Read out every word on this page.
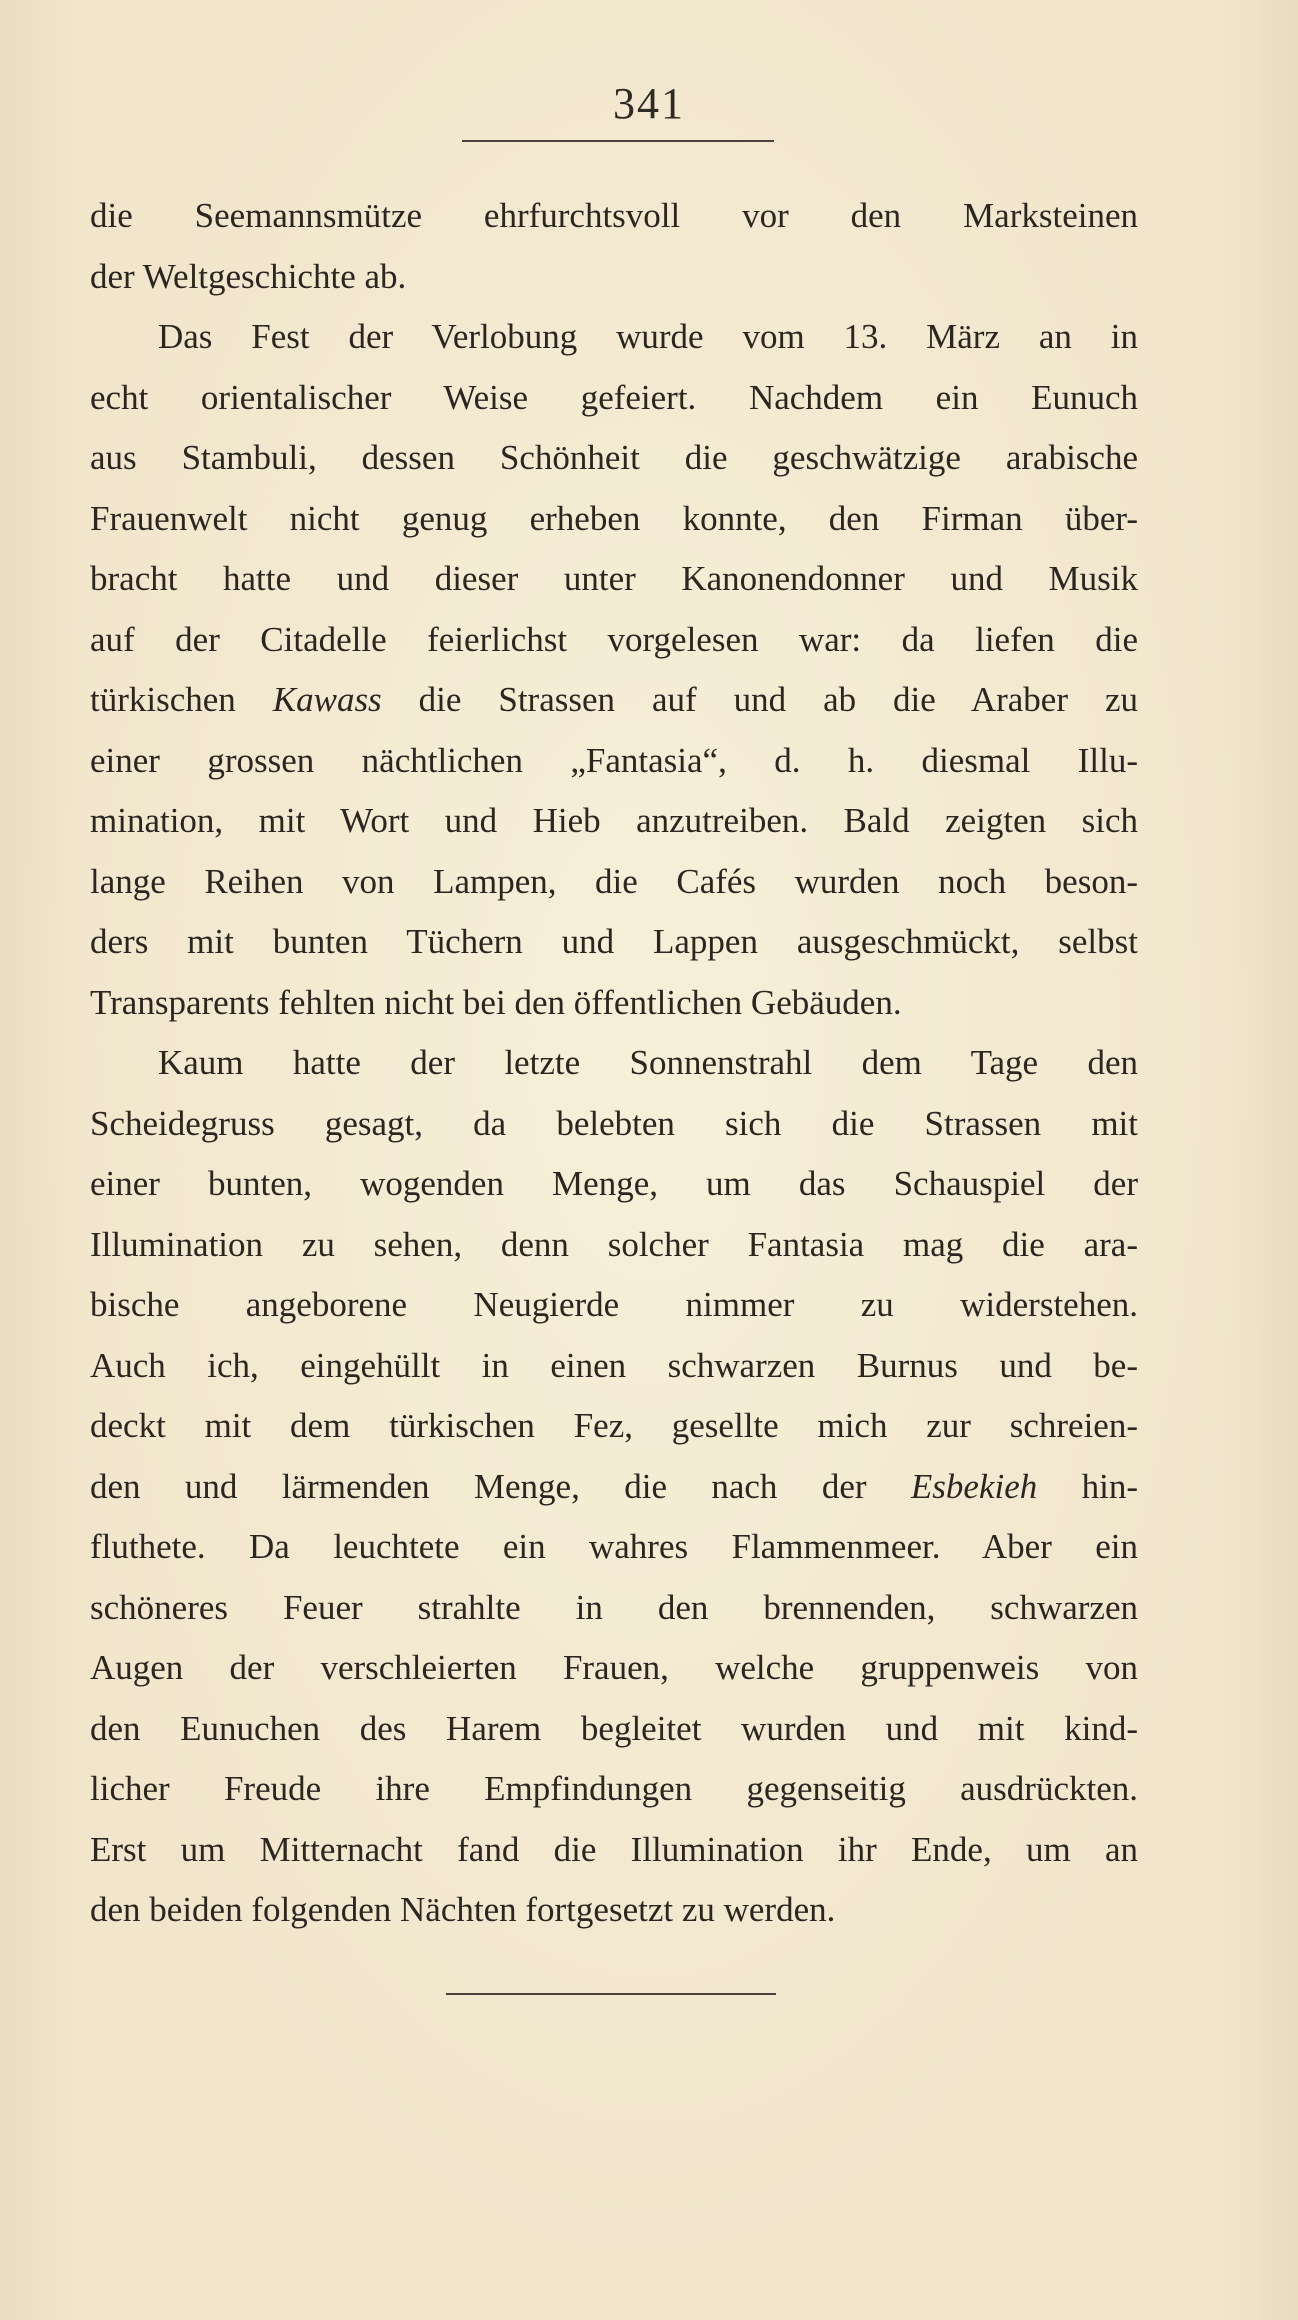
341
die Seemannsmütze ehrfurchtsvoll vor den Marksteinen
der Weltgeschichte ab.
Das Fest der Verlobung wurde vom 13. März an in
echt orientalischer Weise gefeiert. Nachdem ein Eunuch
aus Stambuli, dessen Schönheit die geschwätzige arabische
Frauenwelt nicht genug erheben konnte, den Firman über-
bracht hatte und dieser unter Kanonendonner und Musik
auf der Citadelle feierlichst vorgelesen war: da liefen die
türkischen Kawass die Strassen auf und ab die Araber zu
einer grossen nächtlichen „Fantasia“, d. h. diesmal Illu-
mination, mit Wort und Hieb anzutreiben. Bald zeigten sich
lange Reihen von Lampen, die Cafés wurden noch beson-
ders mit bunten Tüchern und Lappen ausgeschmückt, selbst
Transparents fehlten nicht bei den öffentlichen Gebäuden.
Kaum hatte der letzte Sonnenstrahl dem Tage den
Scheidegruss gesagt, da belebten sich die Strassen mit
einer bunten, wogenden Menge, um das Schauspiel der
Illumination zu sehen, denn solcher Fantasia mag die ara-
bische angeborene Neugierde nimmer zu widerstehen.
Auch ich, eingehüllt in einen schwarzen Burnus und be-
deckt mit dem türkischen Fez, gesellte mich zur schreien-
den und lärmenden Menge, die nach der Esbekieh hin-
fluthete. Da leuchtete ein wahres Flammenmeer. Aber ein
schöneres Feuer strahlte in den brennenden, schwarzen
Augen der verschleierten Frauen, welche gruppenweis von
den Eunuchen des Harem begleitet wurden und mit kind-
licher Freude ihre Empfindungen gegenseitig ausdrückten.
Erst um Mitternacht fand die Illumination ihr Ende, um an
den beiden folgenden Nächten fortgesetzt zu werden.
